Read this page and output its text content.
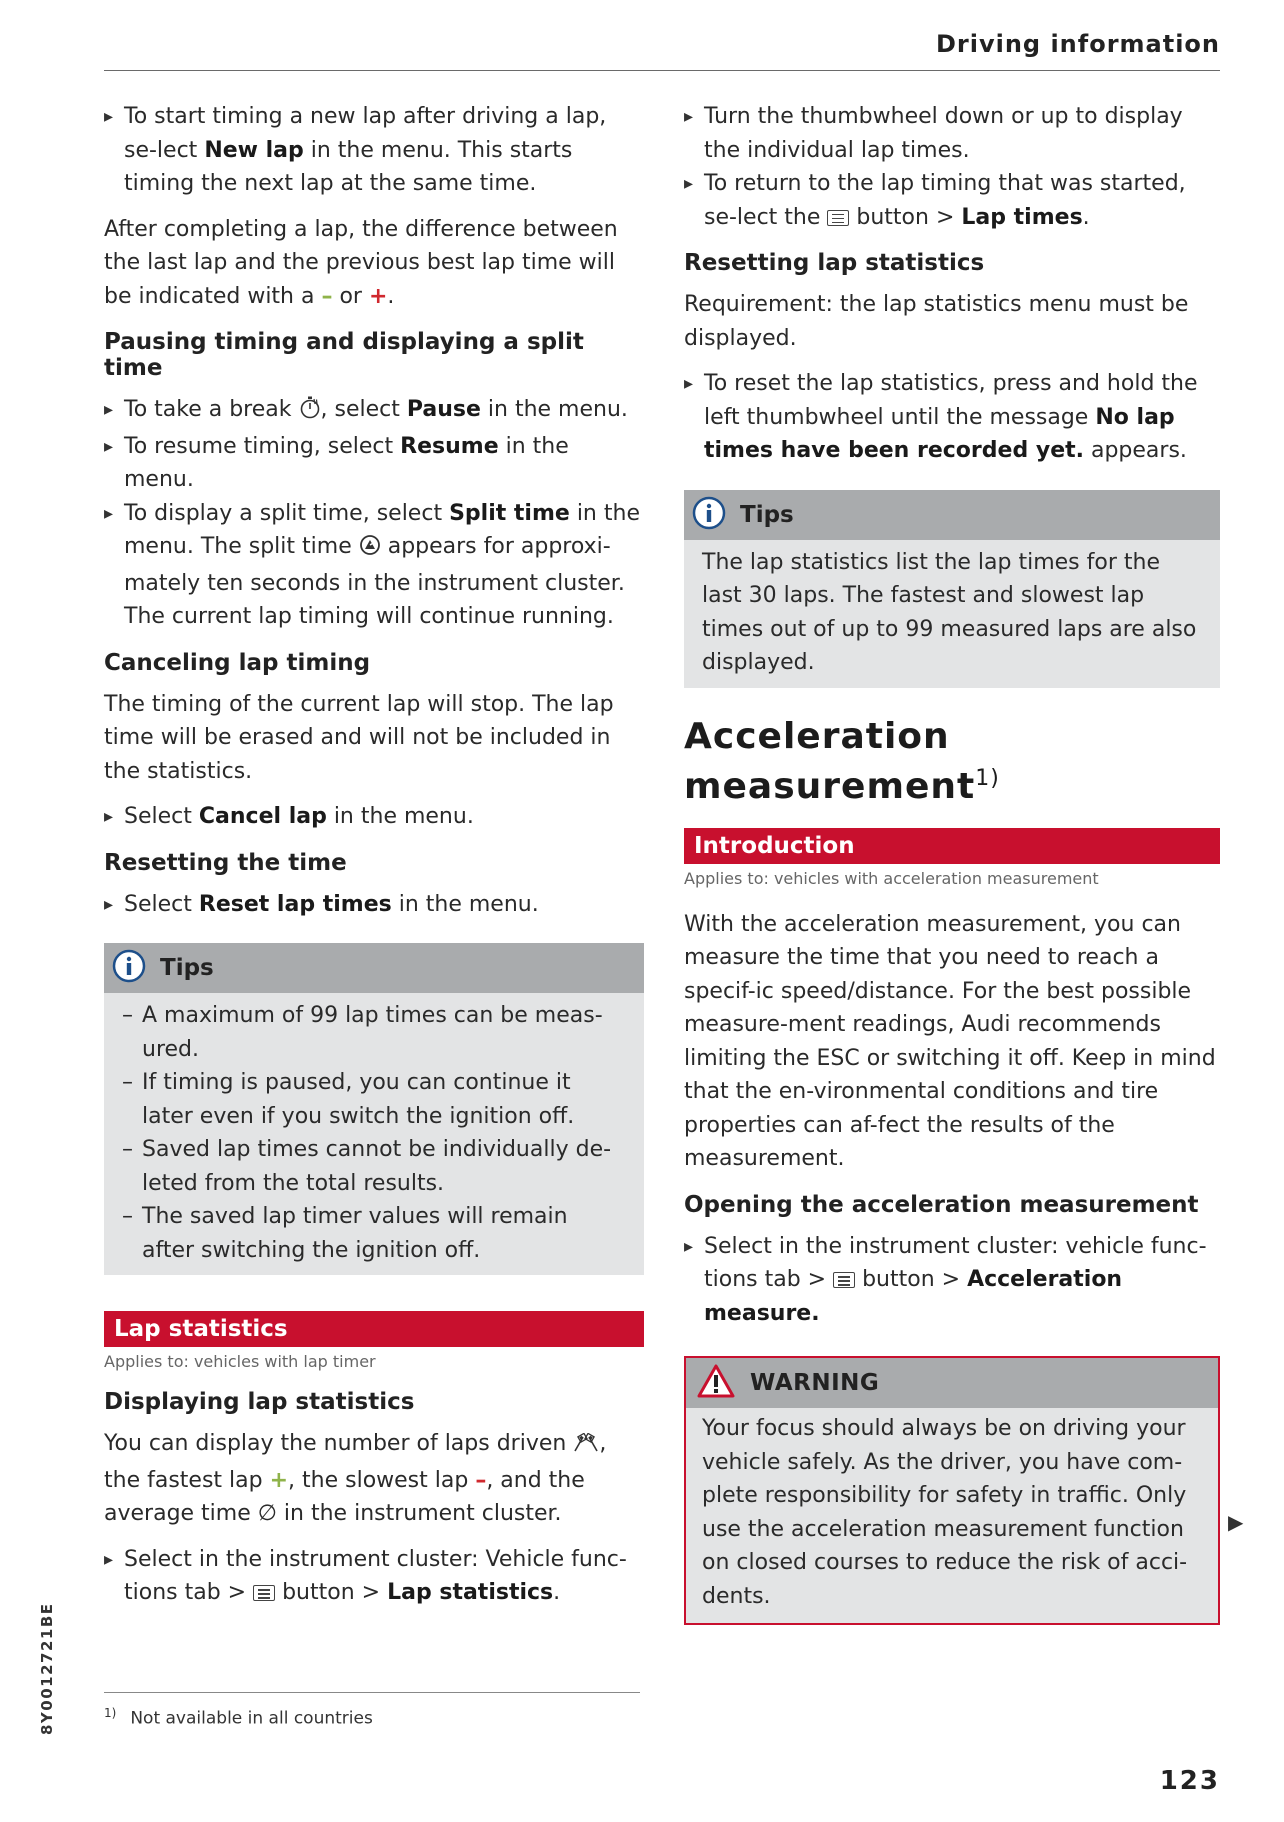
Driving information
▸ To start timing a new lap after driving a lap, se-lect New lap in the menu. This starts timing the next lap at the same time.

After completing a lap, the difference between the last lap and the previous best lap time will be indicated with a – or +.

Pausing timing and displaying a split time
▸ To take a break , select Pause in the menu.
▸ To resume timing, select Resume in the menu.
▸ To display a split time, select Split time in the menu. The split time  appears for approxi-mately ten seconds in the instrument cluster. The current lap timing will continue running.
Canceling lap timing

The timing of the current lap will stop. The lap time will be erased and will not be included in the statistics.

▸ Select Cancel lap in the menu.
Resetting the time
▸ Select Reset lap times in the menu.
Tips
– A maximum of 99 lap times can be meas-ured.
– If timing is paused, you can continue it later even if you switch the ignition off.
– Saved lap times cannot be individually de-leted from the total results.
– The saved lap timer values will remain after switching the ignition off.
Lap statistics
Applies to: vehicles with lap timer
Displaying lap statistics

You can display the number of laps driven , the fastest lap +, the slowest lap –, and the average time ∅ in the instrument cluster.

▸ Select in the instrument cluster: Vehicle func-tions tab >  button > Lap statistics.
▸ Turn the thumbwheel down or up to display the individual lap times.
▸ To return to the lap timing that was started, se-lect the  button > Lap times.
Resetting lap statistics

Requirement: the lap statistics menu must be displayed.

▸ To reset the lap statistics, press and hold the left thumbwheel until the message No lap times have been recorded yet. appears.
Tips

The lap statistics list the lap times for the last 30 laps. The fastest and slowest lap times out of up to 99 measured laps are also displayed.

Acceleration
measurement$^{1)}$
Introduction
Applies to: vehicles with acceleration measurement

With the acceleration measurement, you can measure the time that you need to reach a specif-ic speed/distance. For the best possible measure-ment readings, Audi recommends limiting the ESC or switching it off. Keep in mind that the en-vironmental conditions and tire properties can af-fect the results of the measurement.

Opening the acceleration measurement
▸ Select in the instrument cluster: vehicle func-tions tab >  button > Acceleration measure.
WARNING

Your focus should always be on driving your vehicle safely. As the driver, you have com-plete responsibility for safety in traffic. Only use the acceleration measurement function on closed courses to reduce the risk of acci-dents.

▶
$^{1)}$ Not available in all countries
8Y0012721BE
123
